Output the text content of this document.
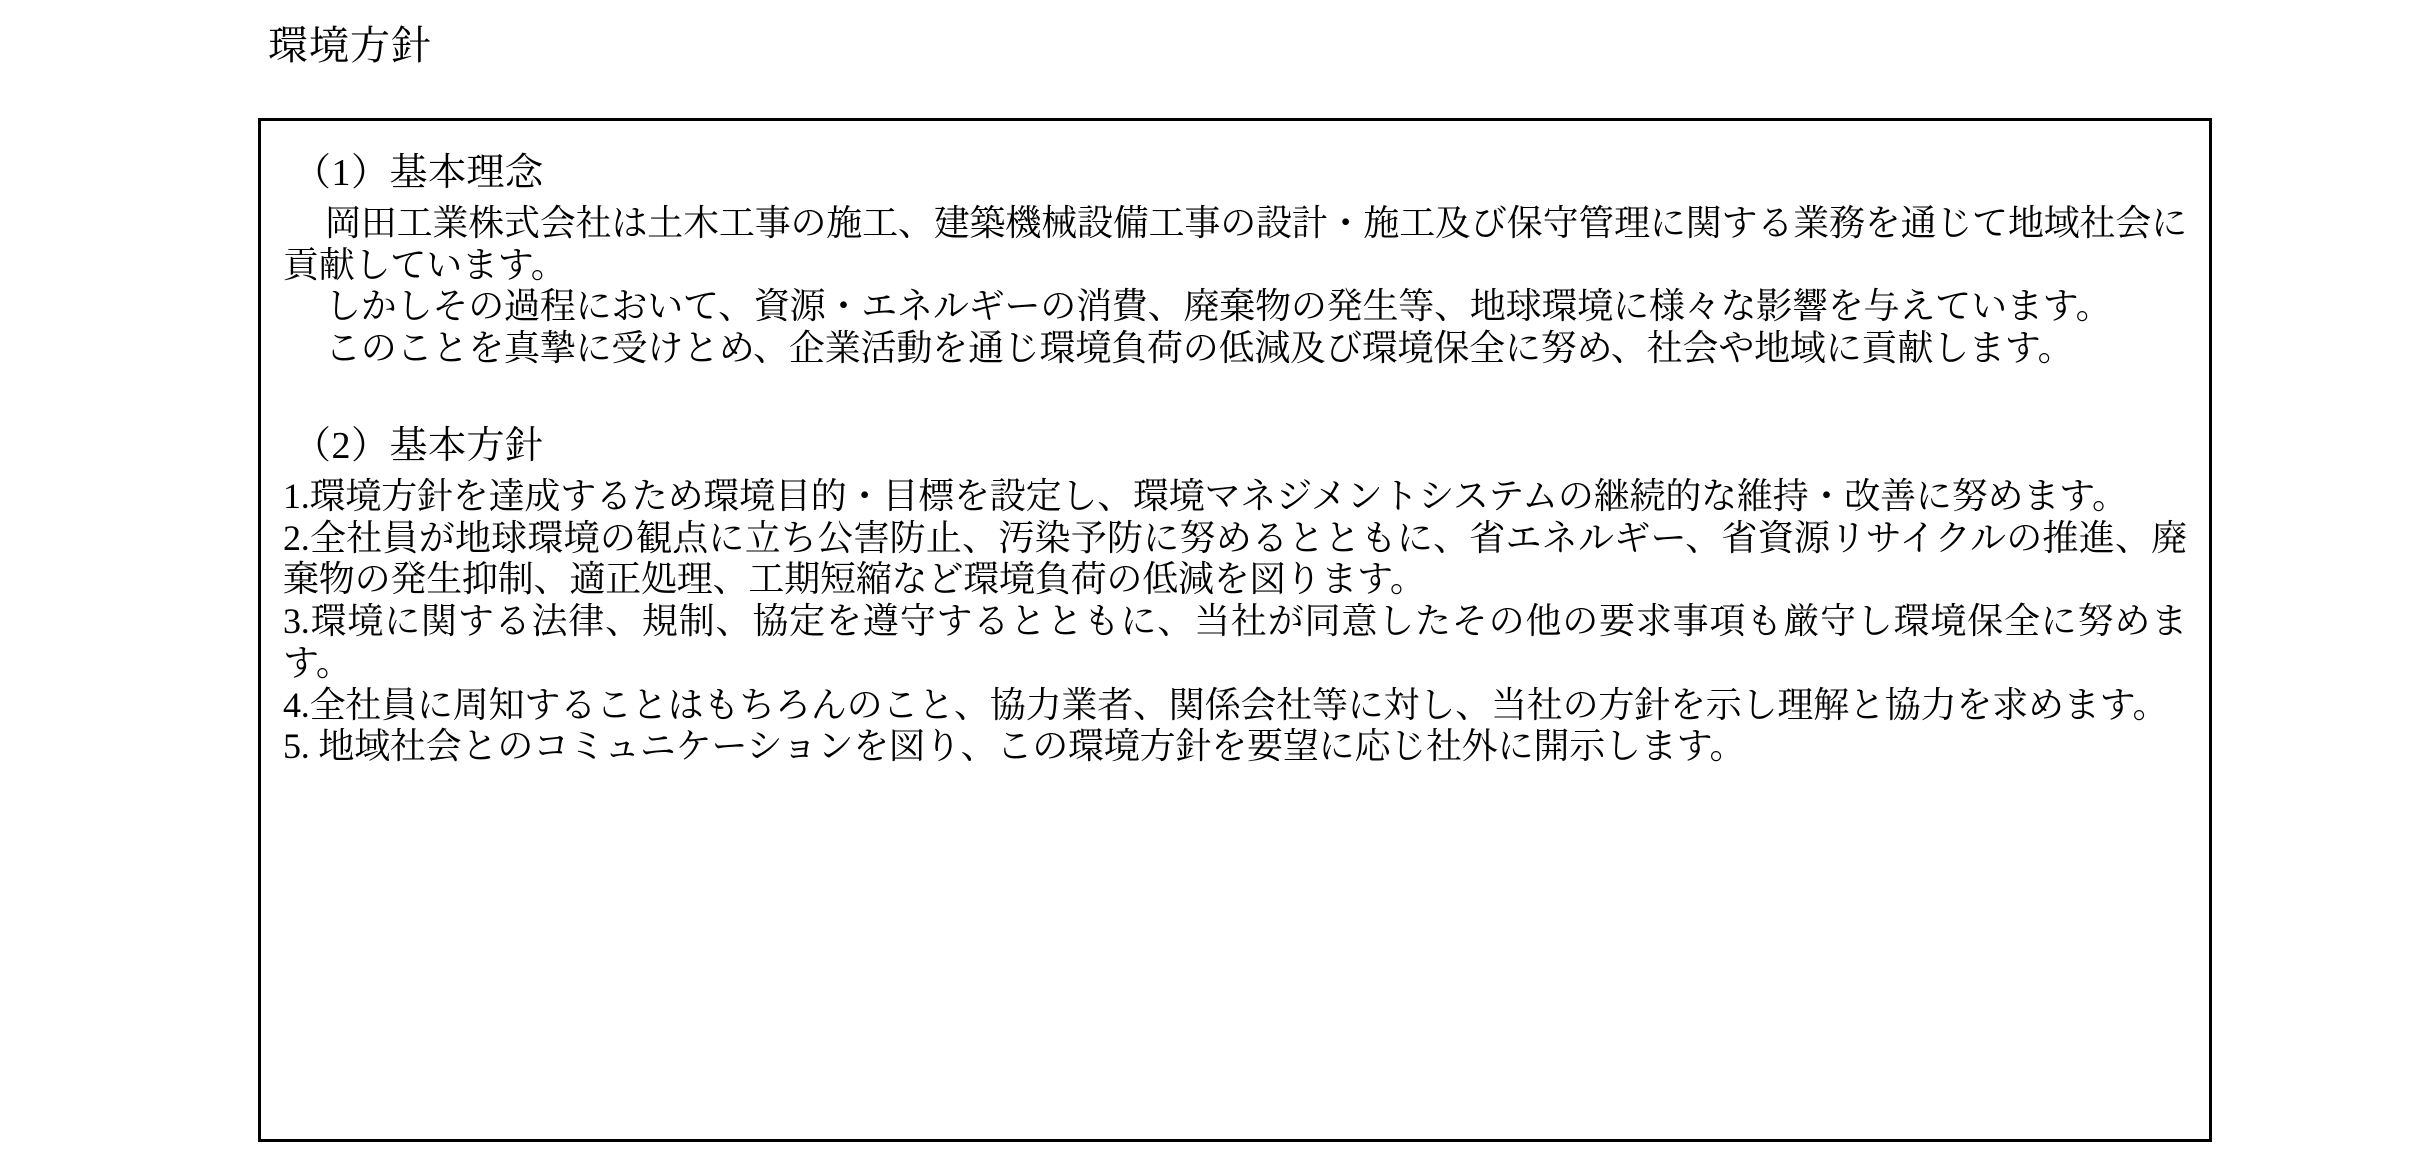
環境方針
（1）基本理念

岡田工業株式会社は土木工事の施工、建築機械設備工事の設計・施工及び保守管理に関する業務を通じて地域社会に貢献しています。

しかしその過程において、資源・エネルギーの消費、廃棄物の発生等、地球環境に様々な影響を与えています。

このことを真摯に受けとめ、企業活動を通じ環境負荷の低減及び環境保全に努め、社会や地域に貢献します。

（2）基本方針
1.環境方針を達成するため環境目的・目標を設定し、環境マネジメントシステムの継続的な維持・改善に努めます。
2.全社員が地球環境の観点に立ち公害防止、汚染予防に努めるとともに、省エネルギー、省資源リサイクルの推進、廃棄物の発生抑制、適正処理、工期短縮など環境負荷の低減を図ります。
3.環境に関する法律、規制、協定を遵守するとともに、当社が同意したその他の要求事項も厳守し環境保全に努めます。
4.全社員に周知することはもちろんのこと、協力業者、関係会社等に対し、当社の方針を示し理解と協力を求めます。
5. 地域社会とのコミュニケーションを図り、この環境方針を要望に応じ社外に開示します。
